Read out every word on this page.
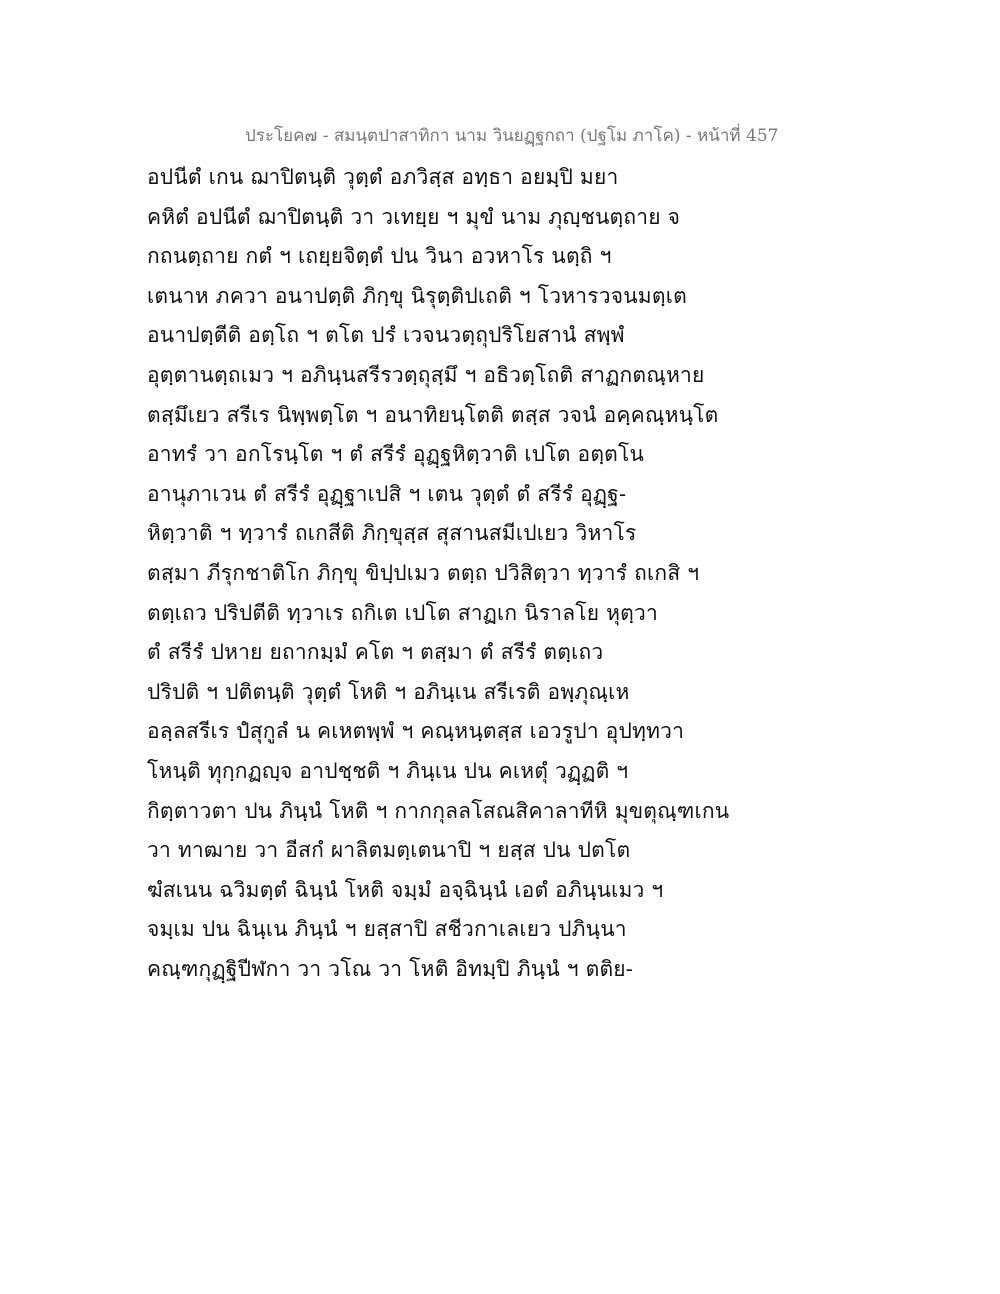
ประโยค๗ - สมนฺตปาสาทิกา นาม วินยฏฺฐกถา (ปฐโม ภาโค) - หน้าที่ 457
อปนีตํ เกน ฌาปิตนฺติ วุตฺตํ อภวิสฺส อทฺธา อยมฺปิ มยา
คหิตํ อปนีตํ ฌาปิตนฺติ วา วเทยฺย ฯ มุขํ นาม ภุญฺชนตฺถาย จ
กถนตฺถาย กตํ ฯ เถยฺยจิตฺตํ ปน วินา อวหาโร นตฺถิ ฯ
เตนาห ภควา อนาปตฺติ ภิกฺขุ นิรุตฺติปเถติ ฯ โวหารวจนมตฺเต
อนาปตฺตีติ อตฺโถ ฯ ตโต ปรํ เวจนวตฺถุปริโยสานํ สพฺพํ
อุตฺตานตฺถเมว ฯ อภินฺนสรีรวตฺถุสฺมึ ฯ อธิวตฺโถติ สาฏกตณฺหาย
ตสฺมึเยว สรีเร นิพฺพตฺโต ฯ อนาทิยนฺโตติ ตสฺส วจนํ อคฺคณฺหนฺโต
อาทรํ วา อกโรนฺโต ฯ ตํ สรีรํ อุฏฺฐหิตฺวาติ เปโต อตฺตโน
อานุภาเวน ตํ สรีรํ อุฏฺฐาเปสิ ฯ เตน วุตฺตํ ตํ สรีรํ อุฏฺฐ-
หิตฺวาติ ฯ ทฺวารํ ถเกสีติ ภิกฺขุสฺส สุสานสมีเปเยว วิหาโร
ตสฺมา ภีรุกชาติโก ภิกฺขุ ขิปฺปเมว ตตฺถ ปวิสิตฺวา ทฺวารํ ถเกสิ ฯ
ตตฺเถว ปริปตีติ ทฺวาเร ถกิเต เปโต สาฏเก นิราลโย หุตฺวา
ตํ สรีรํ ปหาย ยถากมฺมํ คโต ฯ ตสฺมา ตํ สรีรํ ตตฺเถว
ปริปติ ฯ ปติตนฺติ วุตฺตํ โหติ ฯ อภินฺเน สรีเรติ อพฺภุณฺเห
อลฺลสรีเร ปํสุกูลํ น คเหตพฺพํ ฯ คณฺหนฺตสฺส เอวรูปา อุปทฺทวา
โหนฺติ ทุกฺกฏญฺจ อาปชฺชติ ฯ ภินฺเน ปน คเหตุํ วฏฺฏติ ฯ
กิตฺตาวตา ปน ภินฺนํ โหติ ฯ กากกุลลโสณสิคาลาทีหิ มุขตุณฺฑเกน
วา ทาฒาย วา อีสกํ ผาลิตมตฺเตนาปิ ฯ ยสฺส ปน ปตโต
ฆํสเนน ฉวิมตฺตํ ฉินฺนํ โหติ จมฺมํ อจฺฉินฺนํ เอตํ อภินฺนเมว ฯ
จมฺเม ปน ฉินฺเน ภินฺนํ ฯ ยสฺสาปิ สชีวกาเลเยว ปภินฺนา
คณฺฑกุฏฺฐิปีฬกา วา วโณ วา โหติ อิทมฺปิ ภินฺนํ ฯ ตติย-
